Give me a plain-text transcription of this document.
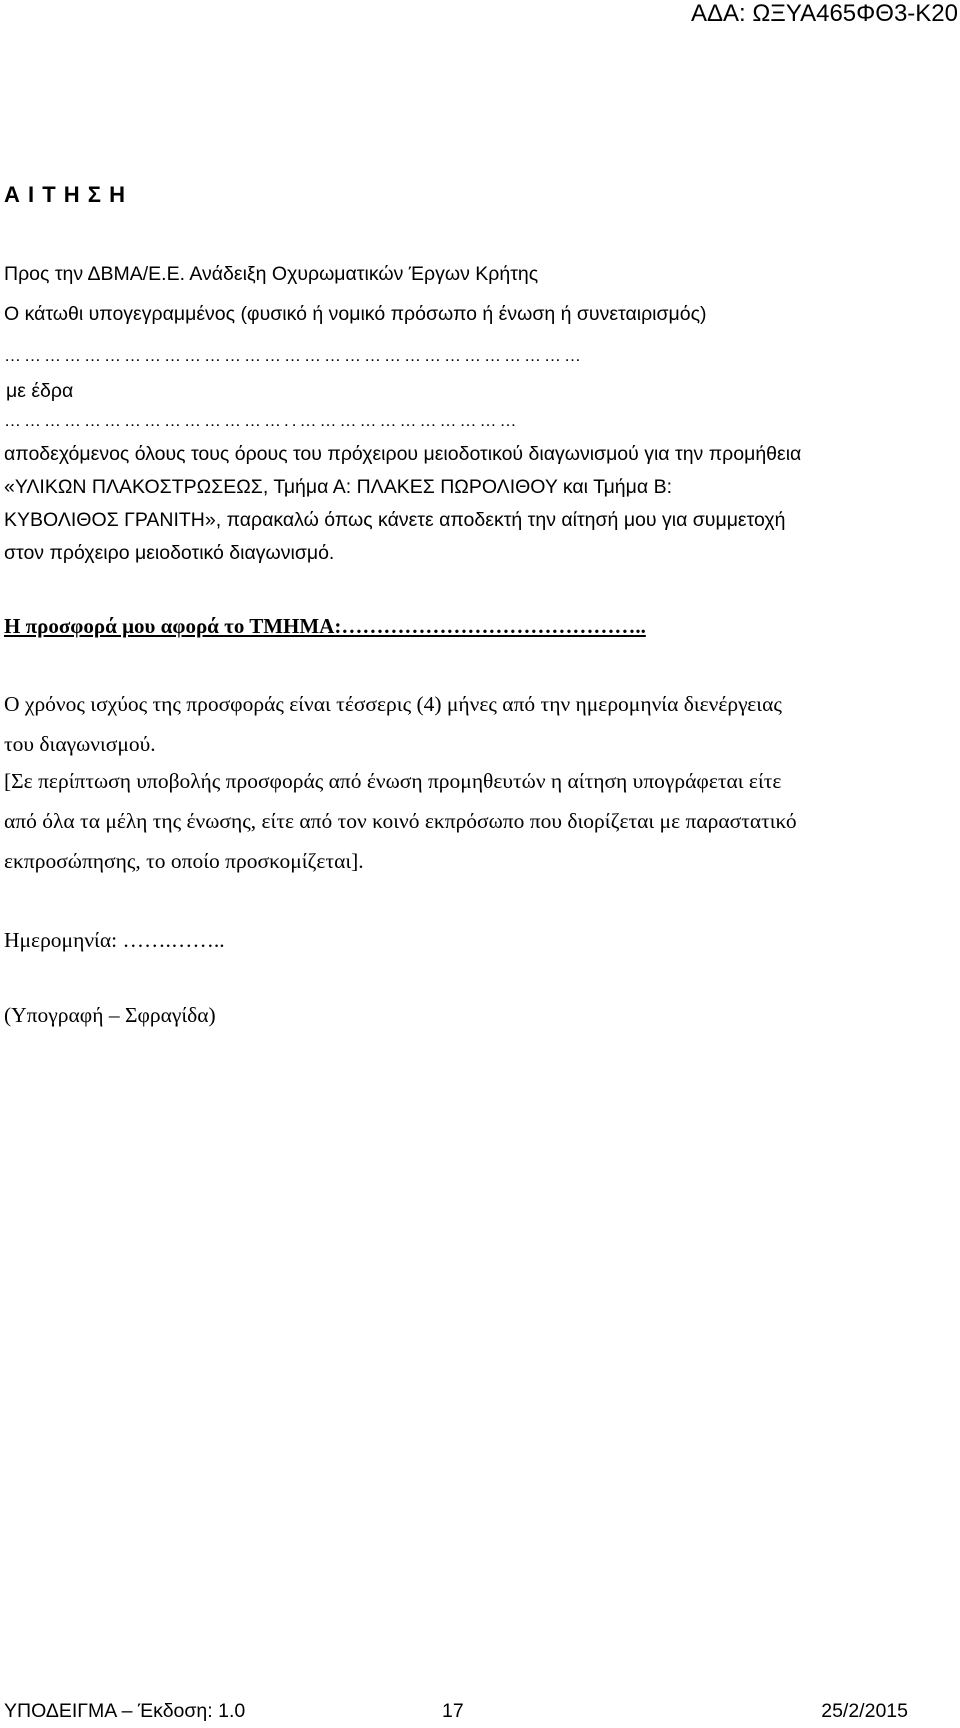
ΑΔΑ: ΩΞΥΑ465ΦΘ3-Κ20
Α Ι Τ Η Σ Η
Προς την ΔΒΜΑ/Ε.Ε. Ανάδειξη Οχυρωματικών Έργων Κρήτης
Ο κάτωθι υπογεγραμμένος (φυσικό ή νομικό πρόσωπο ή ένωση ή συνεταιρισμός)
……………………………………………………………………………
με έδρα
……………………………………..……………………………

αποδεχόμενος όλους τους όρους του πρόχειρου μειοδοτικού διαγωνισμού για την προμήθεια

«ΥΛΙΚΩΝ ΠΛΑΚΟΣΤΡΩΣΕΩΣ, Τμήμα Α: ΠΛΑΚΕΣ ΠΩΡΟΛΙΘΟΥ και Τμήμα Β:

ΚΥΒΟΛΙΘΟΣ ΓΡΑΝΙΤΗ», παρακαλώ όπως κάνετε αποδεκτή την αίτησή μου για συμμετοχή

στον πρόχειρο μειοδοτικό διαγωνισμό.

Η προσφορά μου αφορά το ΤΜΗΜΑ:……………………………………..

Ο χρόνος ισχύος της προσφοράς είναι τέσσερις (4) μήνες από την ημερομηνία διενέργειας

του διαγωνισμού.

[Σε περίπτωση υποβολής προσφοράς από ένωση προμηθευτών η αίτηση υπογράφεται είτε

από όλα τα μέλη της ένωσης, είτε από τον κοινό εκπρόσωπο που διορίζεται με παραστατικό

εκπροσώπησης, το οποίο προσκομίζεται].

Ημερομηνία: …….……..
(Υπογραφή – Σφραγίδα)
ΥΠΟΔΕΙΓΜΑ – Έκδοση: 1.0	17	25/2/2015
